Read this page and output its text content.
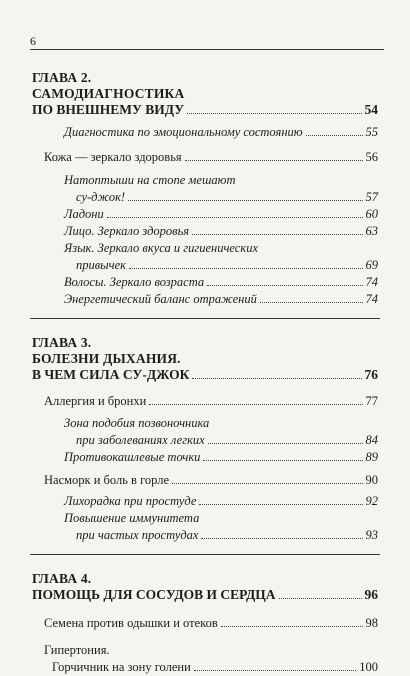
6
ГЛАВА 2.
САМОДИАГНОСТИКА
ПО ВНЕШНЕМУ ВИДУ	54
Диагностика по эмоциональному состоянию	55
Кожа — зеркало здоровья	56
Натоптыши на стопе мешают
су-джок!	57
Ладони	60
Лицо. Зеркало здоровья	63
Язык. Зеркало вкуса и гигиенических
привычек	69
Волосы. Зеркало возраста	74
Энергетический баланс отражений	74
ГЛАВА 3.
БОЛЕЗНИ ДЫХАНИЯ.
В ЧЕМ СИЛА СУ-ДЖОК	76
Аллергия и бронхи	77
Зона подобия позвоночника
при заболеваниях легких	84
Противокашлевые точки	89
Насморк и боль в горле	90
Лихорадка при простуде	92
Повышение иммунитета
при частых простудах	93
ГЛАВА 4.
ПОМОЩЬ ДЛЯ СОСУДОВ И СЕРДЦА	96
Семена против одышки и отеков	98
Гипертония.
Горчичник на зону голени	100
